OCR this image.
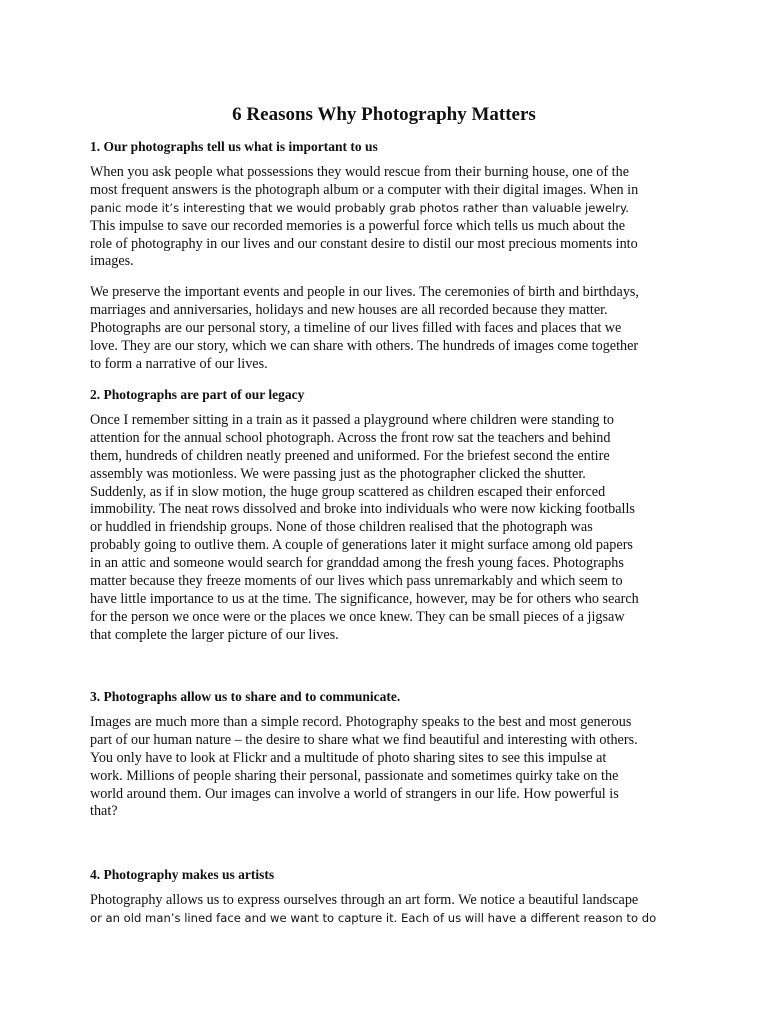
6 Reasons Why Photography Matters
1. Our photographs tell us what is important to us
When you ask people what possessions they would rescue from their burning house, one of the
most frequent answers is the photograph album or a computer with their digital images. When in
panic mode it’s interesting that we would probably grab photos rather than valuable jewelry.
This impulse to save our recorded memories is a powerful force which tells us much about the
role of photography in our lives and our constant desire to distil our most precious moments into
images.
We preserve the important events and people in our lives. The ceremonies of birth and birthdays,
marriages and anniversaries, holidays and new houses are all recorded because they matter.
Photographs are our personal story, a timeline of our lives filled with faces and places that we
love. They are our story, which we can share with others. The hundreds of images come together
to form a narrative of our lives.
2. Photographs are part of our legacy
Once I remember sitting in a train as it passed a playground where children were standing to
attention for the annual school photograph. Across the front row sat the teachers and behind
them, hundreds of children neatly preened and uniformed. For the briefest second the entire
assembly was motionless. We were passing just as the photographer clicked the shutter.
Suddenly, as if in slow motion, the huge group scattered as children escaped their enforced
immobility. The neat rows dissolved and broke into individuals who were now kicking footballs
or huddled in friendship groups. None of those children realised that the photograph was
probably going to outlive them. A couple of generations later it might surface among old papers
in an attic and someone would search for granddad among the fresh young faces. Photographs
matter because they freeze moments of our lives which pass unremarkably and which seem to
have little importance to us at the time. The significance, however, may be for others who search
for the person we once were or the places we once knew. They can be small pieces of a jigsaw
that complete the larger picture of our lives.
3. Photographs allow us to share and to communicate.
Images are much more than a simple record. Photography speaks to the best and most generous
part of our human nature – the desire to share what we find beautiful and interesting with others.
You only have to look at Flickr and a multitude of photo sharing sites to see this impulse at
work. Millions of people sharing their personal, passionate and sometimes quirky take on the
world around them. Our images can involve a world of strangers in our life. How powerful is
that?
4. Photography makes us artists
Photography allows us to express ourselves through an art form. We notice a beautiful landscape
or an old man’s lined face and we want to capture it. Each of us will have a different reason to do
